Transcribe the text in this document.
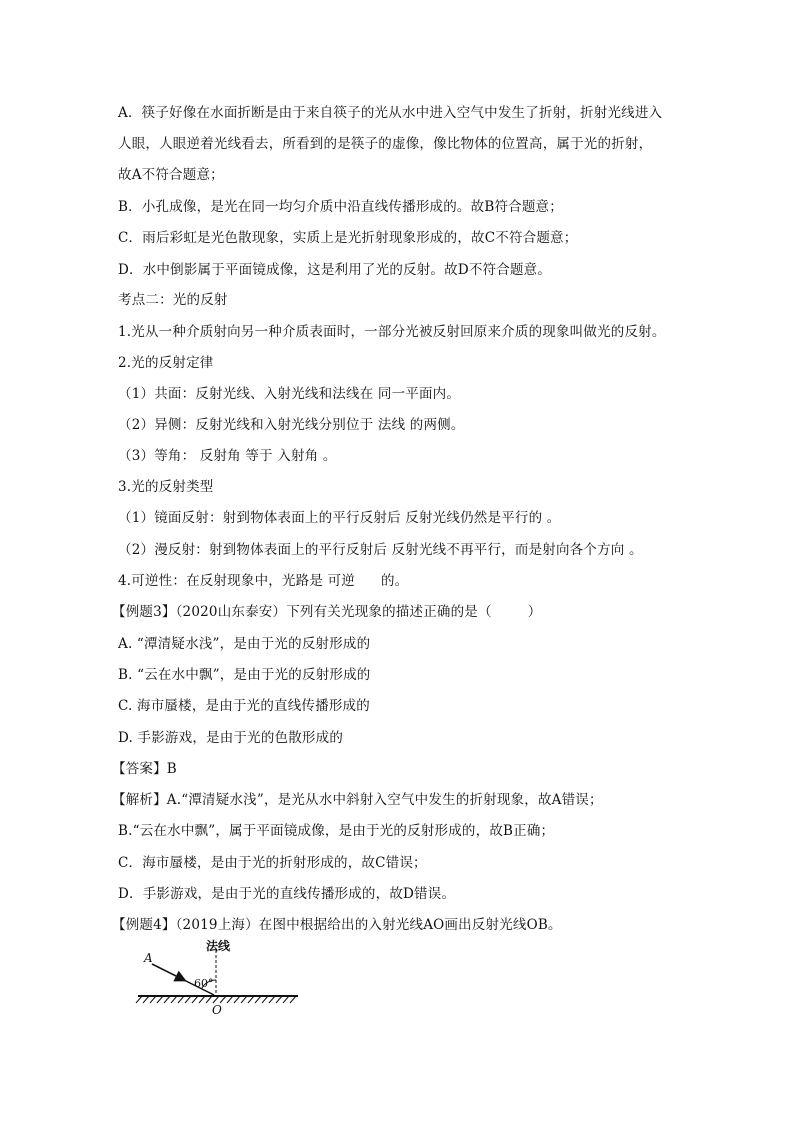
A．筷子好像在水面折断是由于来自筷子的光从水中进入空气中发生了折射，折射光线进入
人眼，人眼逆着光线看去，所看到的是筷子的虚像，像比物体的位置高，属于光的折射，
故A不符合题意；
B．小孔成像，是光在同一均匀介质中沿直线传播形成的。故B符合题意；
C．雨后彩虹是光色散现象，实质上是光折射现象形成的，故C不符合题意；
D．水中倒影属于平面镜成像，这是利用了光的反射。故D不符合题意。
考点二：光的反射
1.光从一种介质射向另一种介质表面时，一部分光被反射回原来介质的现象叫做光的反射。
2.光的反射定律
（1）共面：反射光线、入射光线和法线在 同一平面内。
（2）异侧：反射光线和入射光线分别位于 法线 的两侧。
（3）等角： 反射角 等于 入射角 。
3.光的反射类型
（1）镜面反射：射到物体表面上的平行反射后 反射光线仍然是平行的 。
（2）漫反射：射到物体表面上的平行反射后 反射光线不再平行，而是射向各个方向 。
4.可逆性：在反射现象中，光路是 可逆 的。
【例题3】（2020山东泰安）下列有关光现象的描述正确的是（	）
A. “潭清疑水浅”，是由于光的反射形成的
B. “云在水中飘”，是由于光的反射形成的
C. 海市蜃楼，是由于光的直线传播形成的
D. 手影游戏，是由于光的色散形成的
【答案】B
【解析】A.“潭清疑水浅”，是光从水中斜射入空气中发生的折射现象，故A错误；
B.“云在水中飘”，属于平面镜成像，是由于光的反射形成的，故B正确；
C．海市蜃楼，是由于光的折射形成的，故C错误；
D．手影游戏，是由于光的直线传播形成的，故D错误。
【例题4】（2019上海）在图中根据给出的入射光线AO画出反射光线OB。
法线
A
60°
O
